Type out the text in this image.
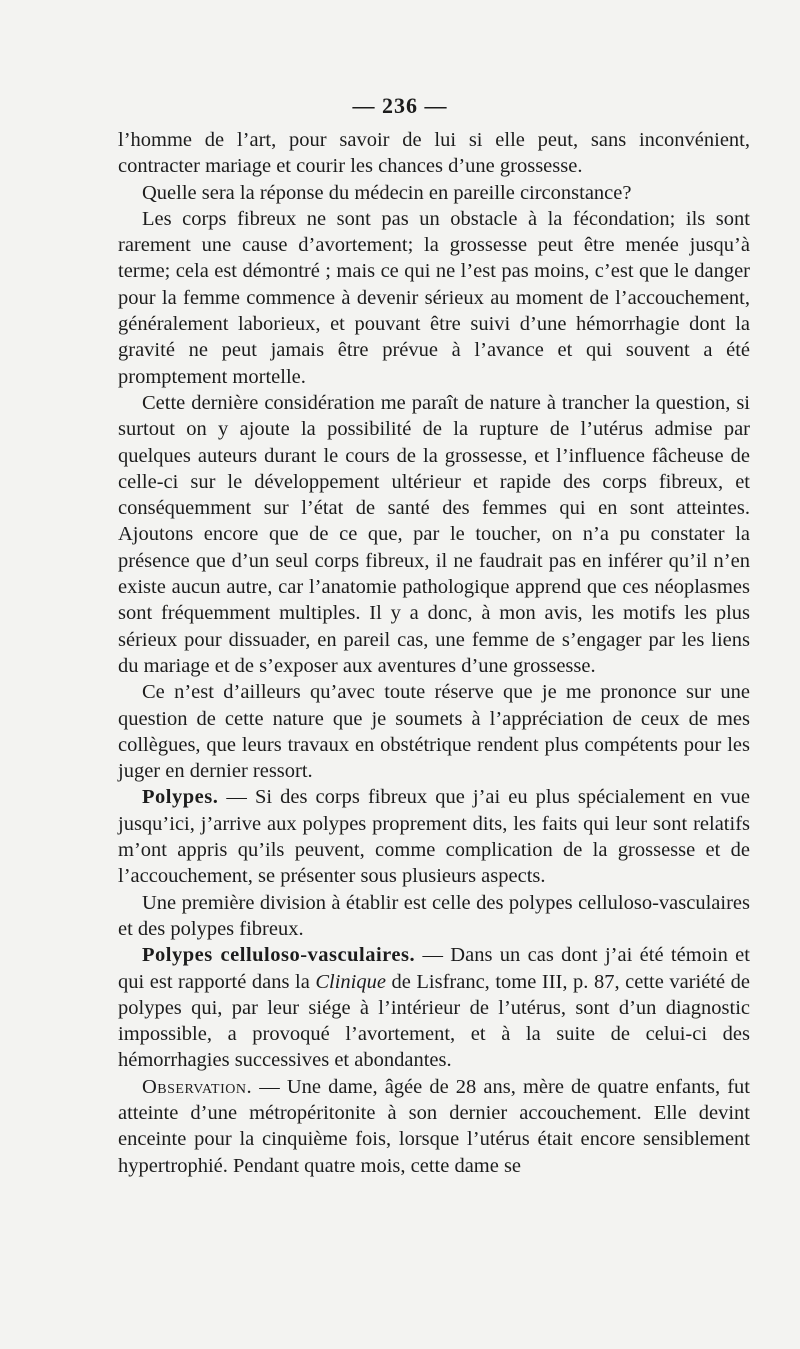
— 236 —

l’homme de l’art, pour savoir de lui si elle peut, sans inconvénient, contracter mariage et courir les chances d’une grossesse.

Quelle sera la réponse du médecin en pareille circonstance?

Les corps fibreux ne sont pas un obstacle à la fécondation; ils sont rarement une cause d’avortement; la grossesse peut être menée jusqu’à terme; cela est démontré ; mais ce qui ne l’est pas moins, c’est que le danger pour la femme commence à devenir sérieux au moment de l’accouchement, généralement laborieux, et pouvant être suivi d’une hémorrhagie dont la gravité ne peut jamais être prévue à l’avance et qui souvent a été promptement mortelle.

Cette dernière considération me paraît de nature à trancher la question, si surtout on y ajoute la possibilité de la rupture de l’utérus admise par quelques auteurs durant le cours de la grossesse, et l’influence fâcheuse de celle-ci sur le développement ultérieur et rapide des corps fibreux, et conséquemment sur l’état de santé des femmes qui en sont atteintes. Ajoutons encore que de ce que, par le toucher, on n’a pu constater la présence que d’un seul corps fibreux, il ne faudrait pas en inférer qu’il n’en existe aucun autre, car l’anatomie pathologique apprend que ces néoplasmes sont fréquemment multiples. Il y a donc, à mon avis, les motifs les plus sérieux pour dissuader, en pareil cas, une femme de s’engager par les liens du mariage et de s’exposer aux aventures d’une grossesse.

Ce n’est d’ailleurs qu’avec toute réserve que je me prononce sur une question de cette nature que je soumets à l’appréciation de ceux de mes collègues, que leurs travaux en obstétrique rendent plus compétents pour les juger en dernier ressort.

Polypes. — Si des corps fibreux que j’ai eu plus spécialement en vue jusqu’ici, j’arrive aux polypes proprement dits, les faits qui leur sont relatifs m’ont appris qu’ils peuvent, comme complication de la grossesse et de l’accouchement, se présenter sous plusieurs aspects.

Une première division à établir est celle des polypes celluloso-vasculaires et des polypes fibreux.

Polypes celluloso-vasculaires. — Dans un cas dont j’ai été témoin et qui est rapporté dans la Clinique de Lisfranc, tome III, p. 87, cette variété de polypes qui, par leur siége à l’intérieur de l’utérus, sont d’un diagnostic impossible, a provoqué l’avortement, et à la suite de celui-ci des hémorrhagies successives et abondantes.

Observation. — Une dame, âgée de 28 ans, mère de quatre enfants, fut atteinte d’une métropéritonite à son dernier accouchement. Elle devint enceinte pour la cinquième fois, lorsque l’utérus était encore sensiblement hypertrophié. Pendant quatre mois, cette dame se
